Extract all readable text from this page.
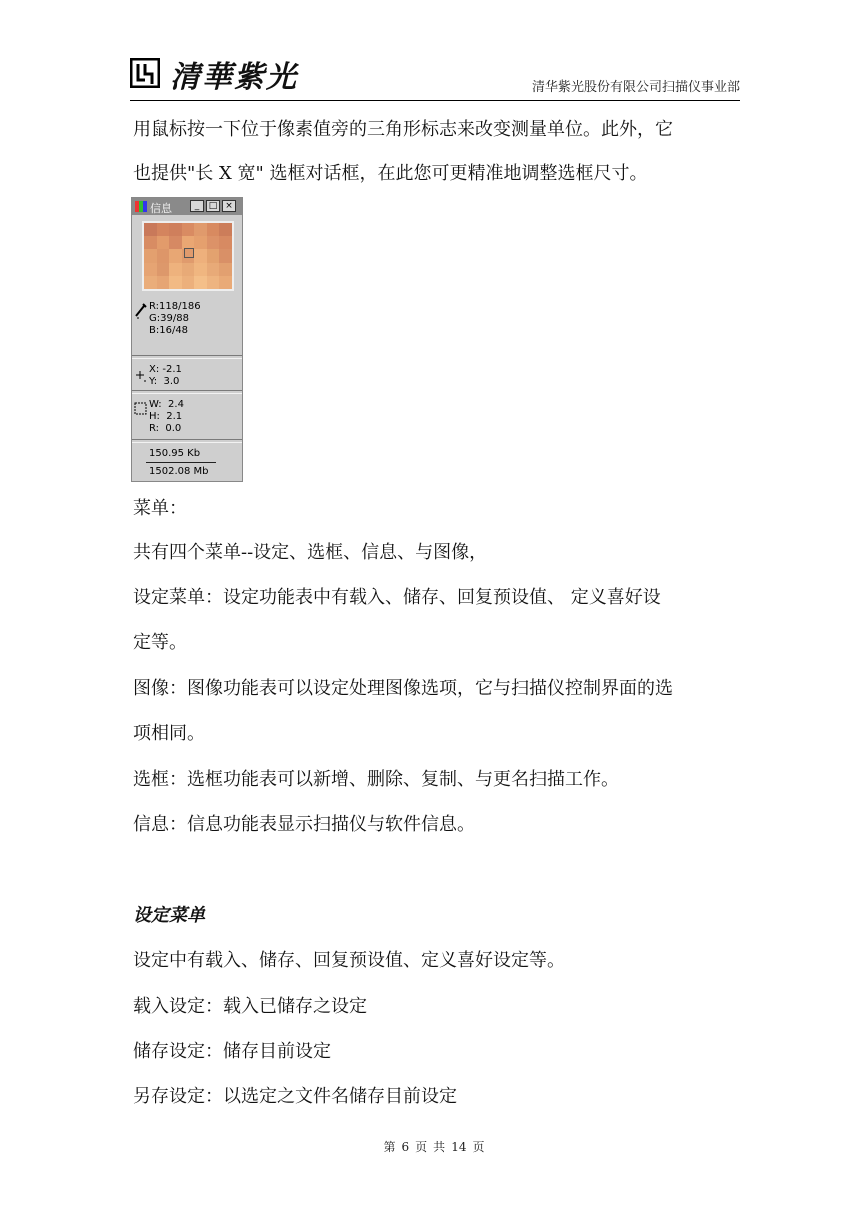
清華紫光	清华紫光股份有限公司扫描仪事业部
用鼠标按一下位于像素值旁的三角形标志来改变测量单位。此外，它
也提供"长 X 宽" 选框对话框，在此您可更精准地调整选框尺寸。
信息	_	□ ×
R:118/186
G:39/88
B:16/48
X: -2.1
Y:  3.0
W:  2.4
H:  2.1
R:  0.0
150.95 Kb
1502.08 Mb
菜单：
共有四个菜单--设定、选框、信息、与图像，
设定菜单：设定功能表中有载入、储存、回复预设值、 定义喜好设
定等。
图像：图像功能表可以设定处理图像选项，它与扫描仪控制界面的选
项相同。
选框：选框功能表可以新增、删除、复制、与更名扫描工作。
信息：信息功能表显示扫描仪与软件信息。
设定菜单
设定中有载入、储存、回复预设值、定义喜好设定等。
载入设定：载入已储存之设定
储存设定：储存目前设定
另存设定：以选定之文件名储存目前设定
第 6 页 共 14 页
